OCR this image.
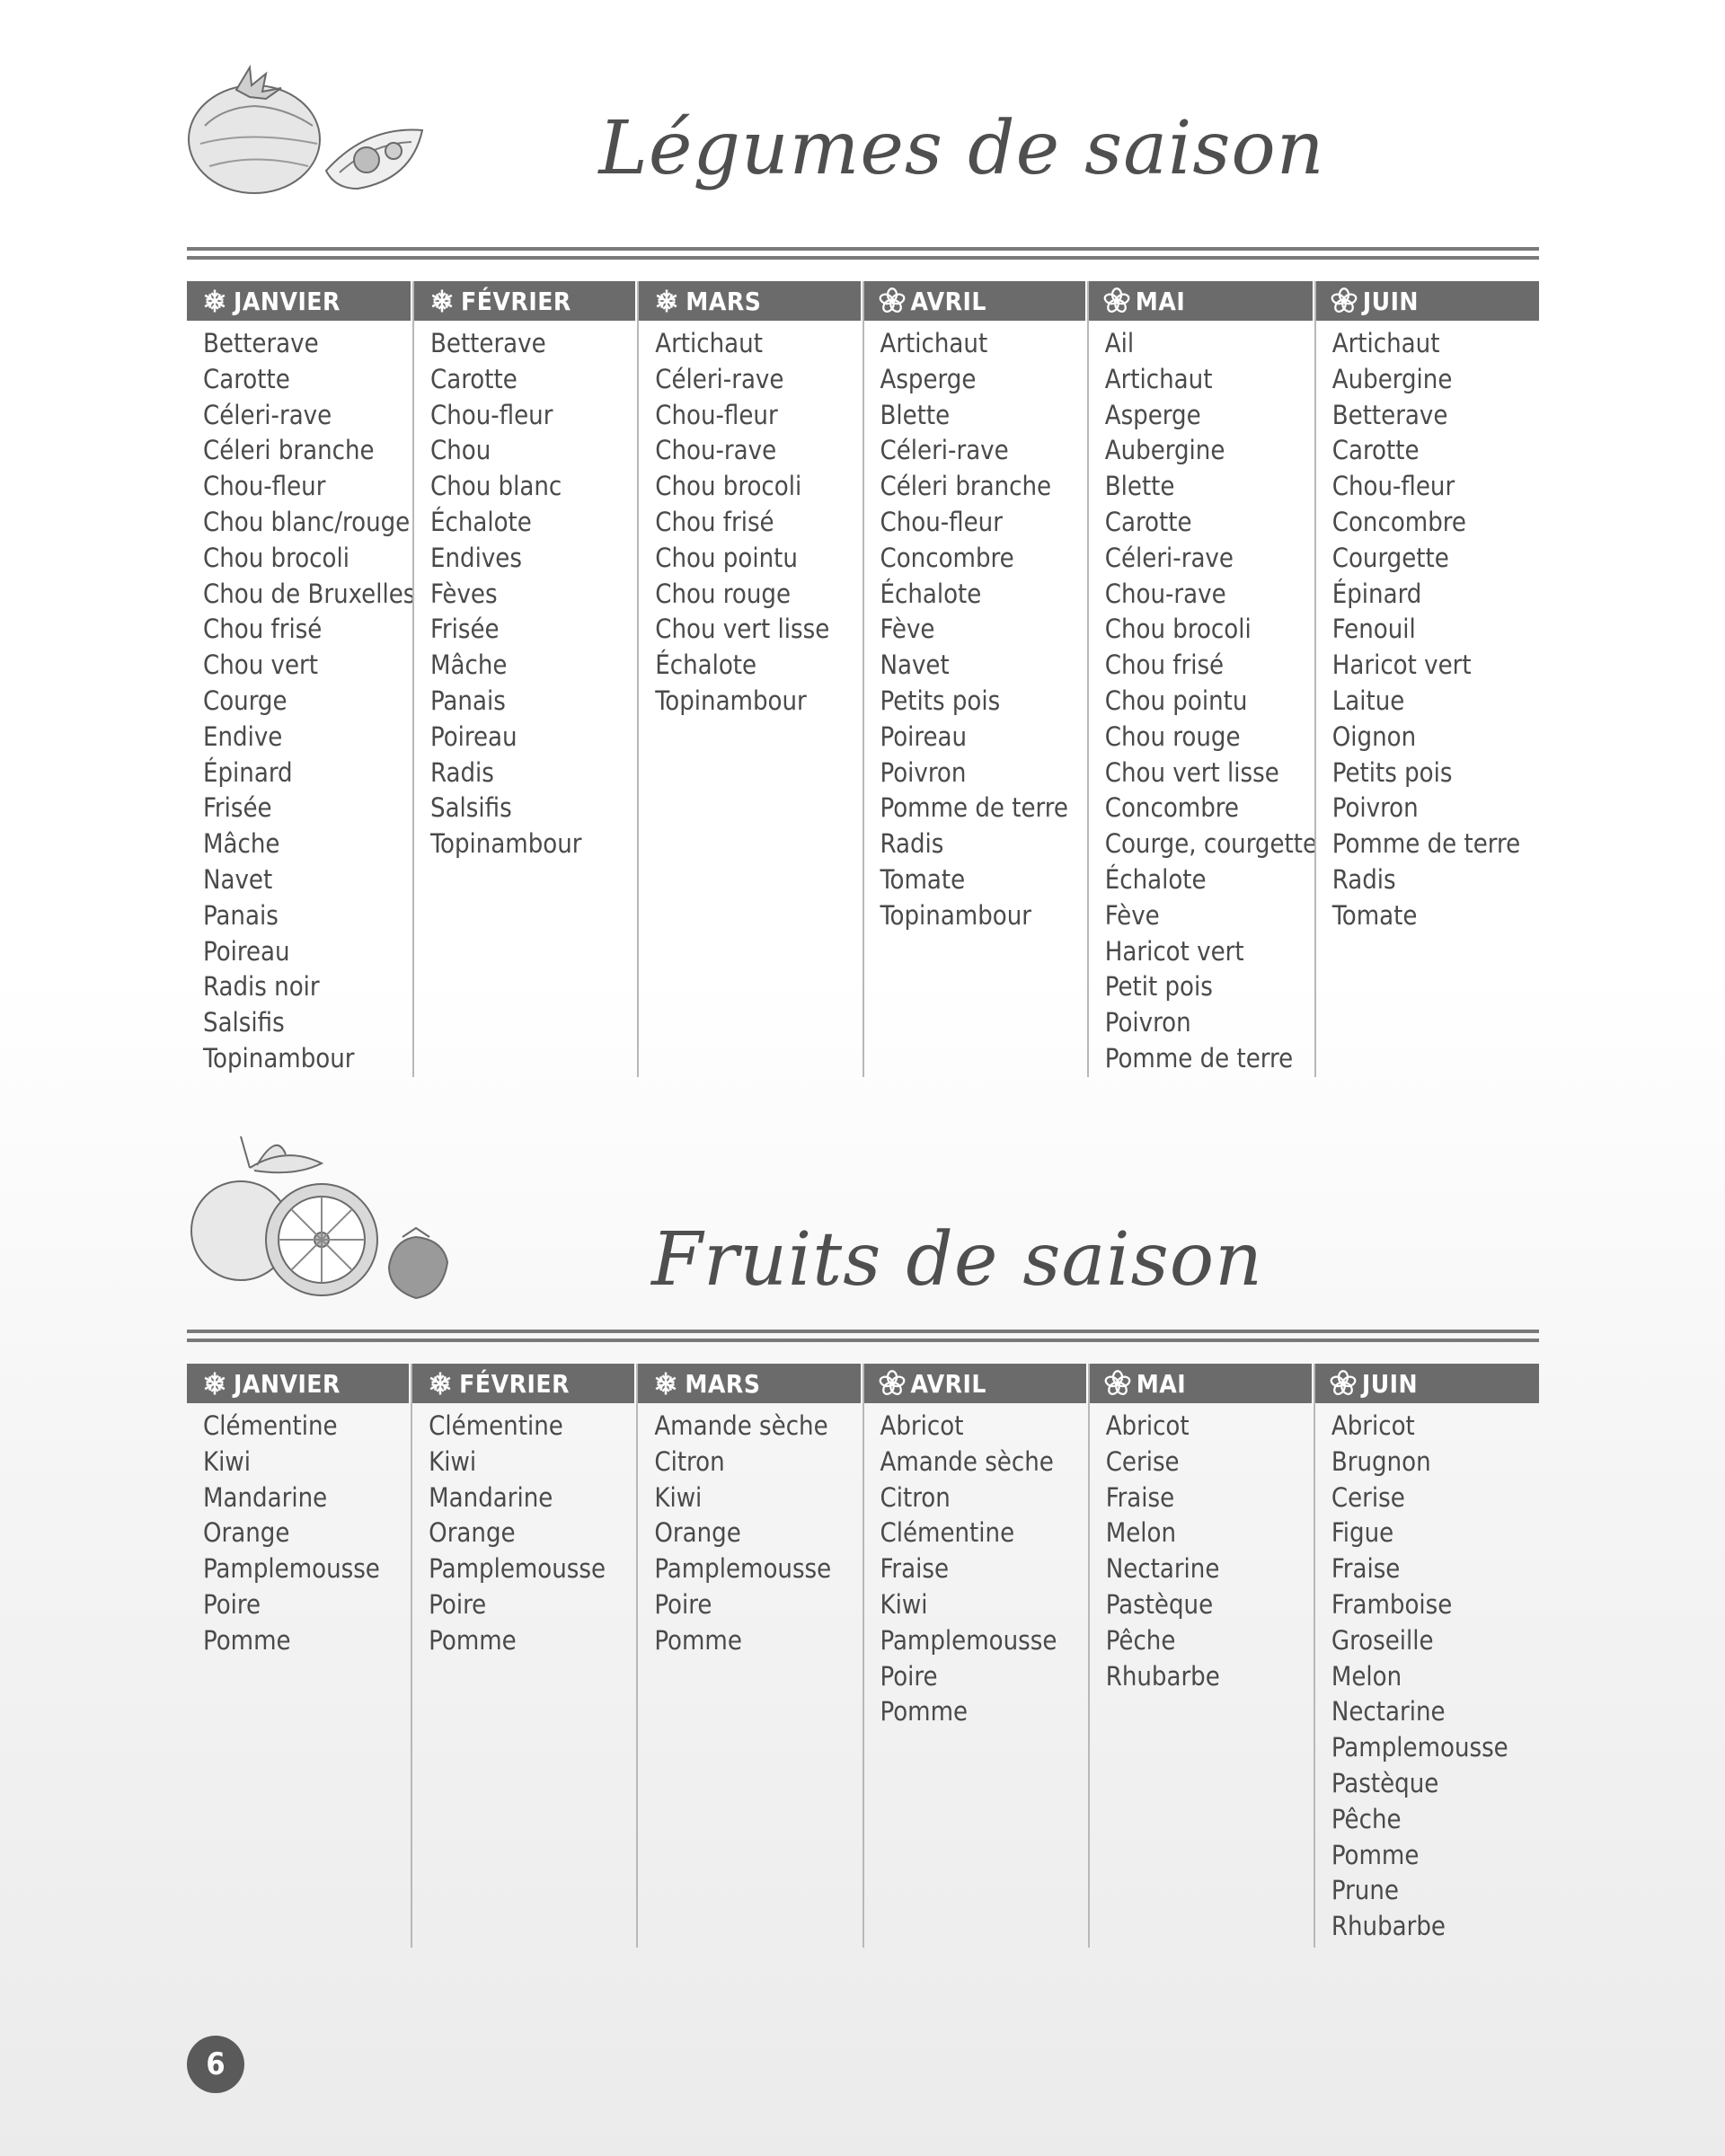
Légumes de saison
JANVIER
Betterave
Carotte
Céleri-rave
Céleri branche
Chou-fleur
Chou blanc/rouge
Chou brocoli
Chou de Bruxelles
Chou frisé
Chou vert
Courge
Endive
Épinard
Frisée
Mâche
Navet
Panais
Poireau
Radis noir
Salsifis
Topinambour
FÉVRIER
Betterave
Carotte
Chou-fleur
Chou
Chou blanc
Échalote
Endives
Fèves
Frisée
Mâche
Panais
Poireau
Radis
Salsifis
Topinambour
MARS
Artichaut
Céleri-rave
Chou-fleur
Chou-rave
Chou brocoli
Chou frisé
Chou pointu
Chou rouge
Chou vert lisse
Échalote
Topinambour
AVRIL
Artichaut
Asperge
Blette
Céleri-rave
Céleri branche
Chou-fleur
Concombre
Échalote
Fève
Navet
Petits pois
Poireau
Poivron
Pomme de terre
Radis
Tomate
Topinambour
MAI
Ail
Artichaut
Asperge
Aubergine
Blette
Carotte
Céleri-rave
Chou-rave
Chou brocoli
Chou frisé
Chou pointu
Chou rouge
Chou vert lisse
Concombre
Courge, courgette
Échalote
Fève
Haricot vert
Petit pois
Poivron
Pomme de terre
JUIN
Artichaut
Aubergine
Betterave
Carotte
Chou-fleur
Concombre
Courgette
Épinard
Fenouil
Haricot vert
Laitue
Oignon
Petits pois
Poivron
Pomme de terre
Radis
Tomate
Fruits de saison
JANVIER
Clémentine
Kiwi
Mandarine
Orange
Pamplemousse
Poire
Pomme
FÉVRIER
Clémentine
Kiwi
Mandarine
Orange
Pamplemousse
Poire
Pomme
MARS
Amande sèche
Citron
Kiwi
Orange
Pamplemousse
Poire
Pomme
AVRIL
Abricot
Amande sèche
Citron
Clémentine
Fraise
Kiwi
Pamplemousse
Poire
Pomme
MAI
Abricot
Cerise
Fraise
Melon
Nectarine
Pastèque
Pêche
Rhubarbe
JUIN
Abricot
Brugnon
Cerise
Figue
Fraise
Framboise
Groseille
Melon
Nectarine
Pamplemousse
Pastèque
Pêche
Pomme
Prune
Rhubarbe
6
